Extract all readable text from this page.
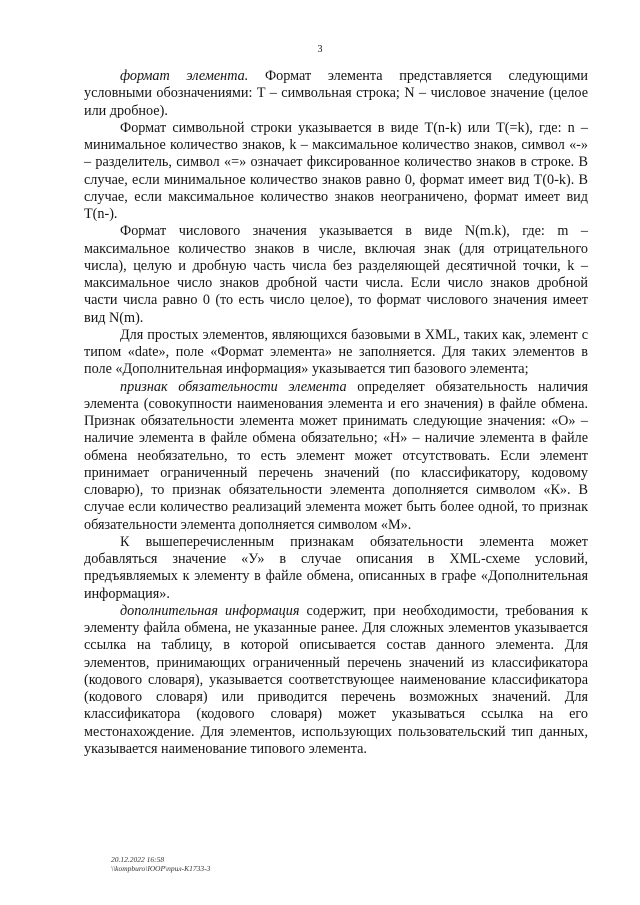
3

формат элемента. Формат элемента представляется следующими условными обозначениями: T – символьная строка; N – числовое значение (целое или дробное).

Формат символьной строки указывается в виде T(n-k) или T(=k), где: n – минимальное количество знаков, k – максимальное количество знаков, символ «-» – разделитель, символ «=» означает фиксированное количество знаков в строке. В случае, если минимальное количество знаков равно 0, формат имеет вид T(0-k). В случае, если максимальное количество знаков неограничено, формат имеет вид T(n-).

Формат числового значения указывается в виде N(m.k), где: m – максимальное количество знаков в числе, включая знак (для отрицательного числа), целую и дробную часть числа без разделяющей десятичной точки, k – максимальное число знаков дробной части числа. Если число знаков дробной части числа равно 0 (то есть число целое), то формат числового значения имеет вид N(m).

Для простых элементов, являющихся базовыми в XML, таких как, элемент с типом «date», поле «Формат элемента» не заполняется. Для таких элементов в поле «Дополнительная информация» указывается тип базового элемента;

признак обязательности элемента определяет обязательность наличия элемента (совокупности наименования элемента и его значения) в файле обмена. Признак обязательности элемента может принимать следующие значения: «О» – наличие элемента в файле обмена обязательно; «Н» – наличие элемента в файле обмена необязательно, то есть элемент может отсутствовать. Если элемент принимает ограниченный перечень значений (по классификатору, кодовому словарю), то признак обязательности элемента дополняется символом «К». В случае если количество реализаций элемента может быть более одной, то признак обязательности элемента дополняется символом «М».

К вышеперечисленным признакам обязательности элемента может добавляться значение «У» в случае описания в XML-схеме условий, предъявляемых к элементу в файле обмена, описанных в графе «Дополнительная информация».

дополнительная информация содержит, при необходимости, требования к элементу файла обмена, не указанные ранее. Для сложных элементов указывается ссылка на таблицу, в которой описывается состав данного элемента. Для элементов, принимающих ограниченный перечень значений из классификатора (кодового словаря), указывается соответствующее наименование классификатора (кодового словаря) или приводится перечень возможных значений. Для классификатора (кодового словаря) может указываться ссылка на его местонахождение. Для элементов, использующих пользовательский тип данных, указывается наименование типового элемента.

20.12.2022 16:58
\\kompburo\ЮОР\прил-К1733-3
